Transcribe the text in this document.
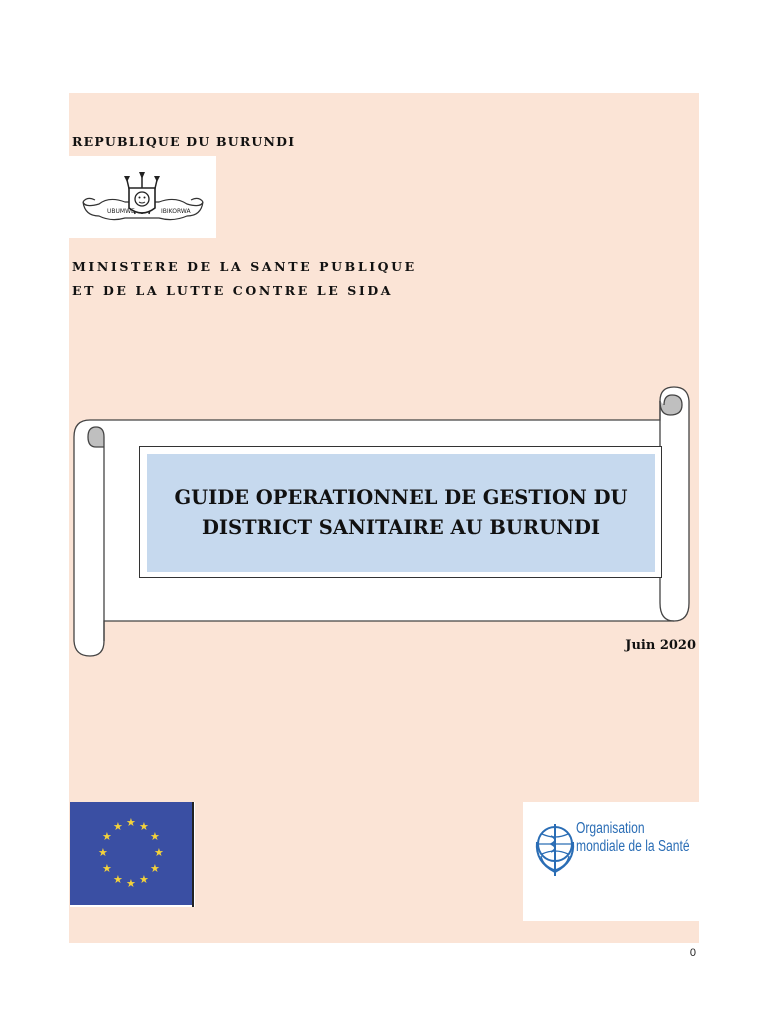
REPUBLIQUE DU BURUNDI
UBUMWE	IBIKORWA
MINISTERE DE LA SANTE PUBLIQUE
ET DE LA LUTTE CONTRE LE SIDA
GUIDE OPERATIONNEL DE GESTION DU
DISTRICT SANITAIRE AU BURUNDI
Juin 2020
★ ★ ★
★
★
★
★
★
★
★
★
★	Organisation
mondiale de la Santé
0
